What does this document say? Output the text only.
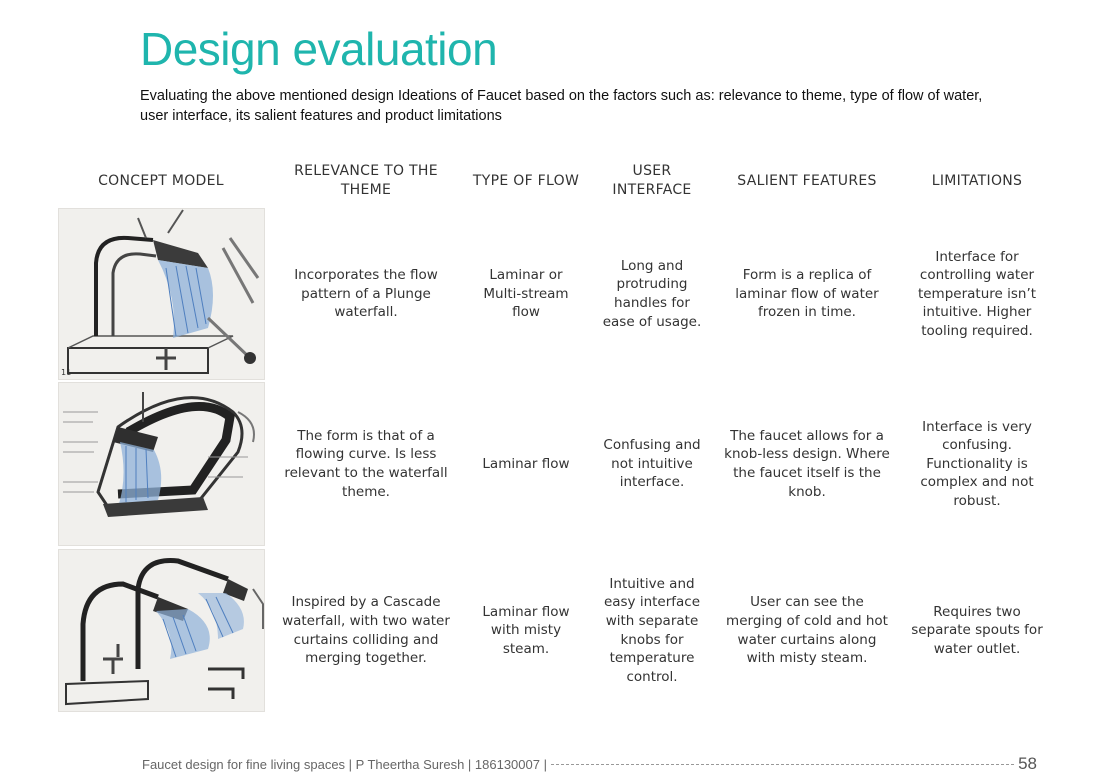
Design evaluation

Evaluating the above mentioned design Ideations of Faucet based on the factors such as: relevance to theme, type of flow of water, user interface, its salient features and product limitations

CONCEPT MODEL
RELEVANCE TO THE THEME
TYPE OF FLOW
USER INTERFACE
SALIENT FEATURES	LIMITATIONS
11
Incorporates the flow pattern of a Plunge waterfall.
Laminar or Multi-stream flow
Long and protruding handles for ease of usage.
Form is a replica of laminar flow of water frozen in time.
Interface for controlling water temperature isn’t intuitive. Higher tooling required.
The form is that of a flowing curve. Is less relevant to the waterfall theme.
Laminar flow
Confusing and not intuitive interface.
The faucet allows for a knob-less design. Where the faucet itself is the knob.
Interface is very confusing. Functionality is complex and not robust.
Inspired by a Cascade waterfall, with two water curtains colliding and merging together.
Laminar flow with misty steam.
Intuitive and easy interface with separate knobs for temperature control.
User can see the merging of cold and hot water curtains along with misty steam.
Requires two separate spouts for water outlet.
Faucet design for fine living spaces | P Theertha Suresh | 186130007 |	58
